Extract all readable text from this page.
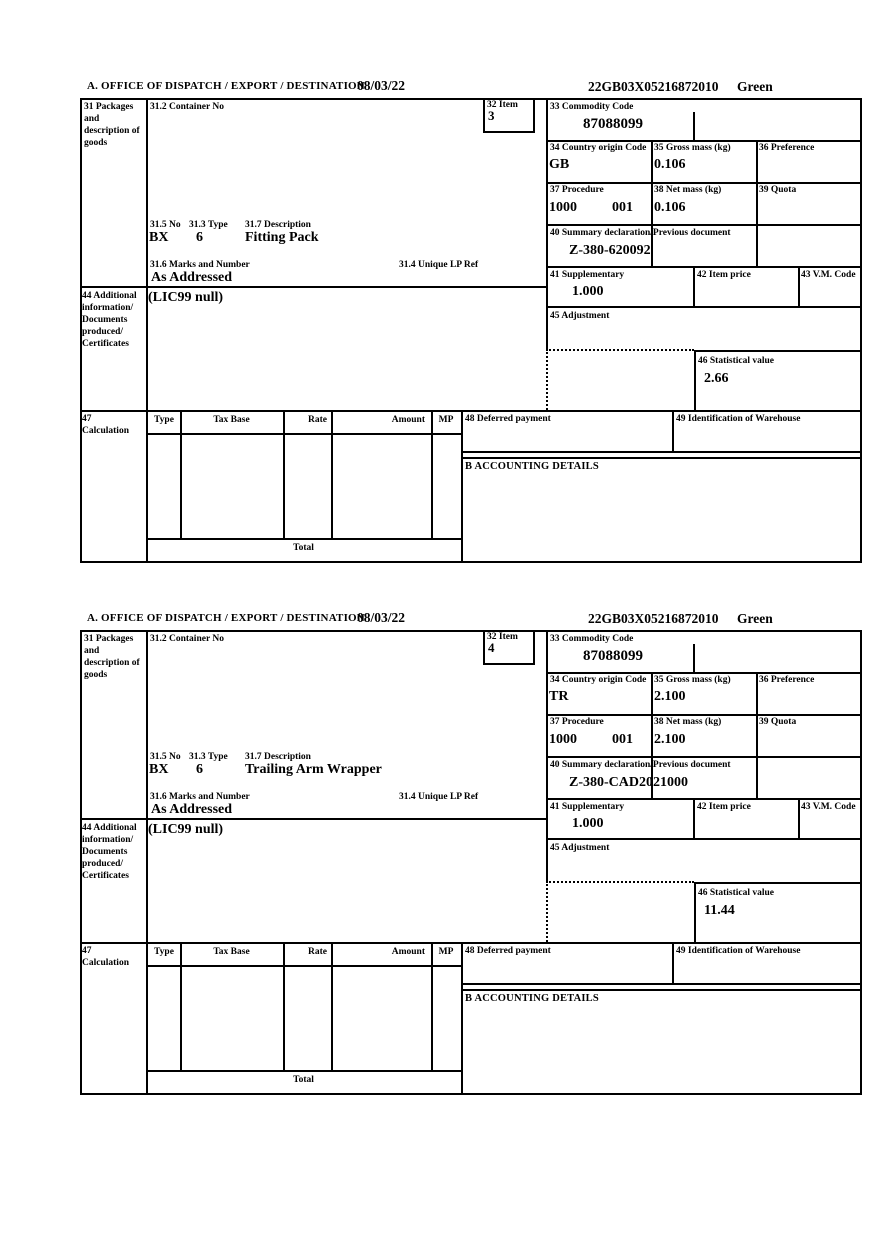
A. OFFICE OF DISPATCH / EXPORT / DESTINATION
08/03/22	22GB03X05216872010 Green
31 Packages and description of goods
31.2 Container No	32 Item
3
33 Commodity Code
87088099
34 Country origin Code
GB
35 Gross mass (kg)
0.106
36 Preference
37 Procedure
1000	001
38 Net mass (kg)
0.106
39 Quota
40 Summary declaration/Previous document
Z-380-620092
41 Supplementary
1.000
42 Item price	43 V.M. Code
45 Adjustment
46 Statistical value
2.66
31.5 No 31.3 Type 31.7 Description
BX 6	Fitting Pack
31.6 Marks and Number	31.4 Unique LP Ref
As Addressed
44 Additional information/ Documents produced/ Certificates
(LIC99 null)
47 Calculation
Type	Tax Base	Rate	Amount	MP
Total
48 Deferred payment	49 Identification of Warehouse
B ACCOUNTING DETAILS
A. OFFICE OF DISPATCH / EXPORT / DESTINATION
08/03/22	22GB03X05216872010 Green
31 Packages and description of goods
31.2 Container No	32 Item
4
33 Commodity Code
87088099
34 Country origin Code
TR
35 Gross mass (kg)
2.100
36 Preference
37 Procedure
1000	001
38 Net mass (kg)
2.100
39 Quota
40 Summary declaration/Previous document
Z-380-CAD2021000
41 Supplementary
1.000
42 Item price	43 V.M. Code
45 Adjustment
46 Statistical value
11.44
31.5 No 31.3 Type 31.7 Description
BX 6	Trailing Arm Wrapper
31.6 Marks and Number	31.4 Unique LP Ref
As Addressed
44 Additional information/ Documents produced/ Certificates
(LIC99 null)
47 Calculation
Type	Tax Base	Rate	Amount	MP
Total
48 Deferred payment	49 Identification of Warehouse
B ACCOUNTING DETAILS
